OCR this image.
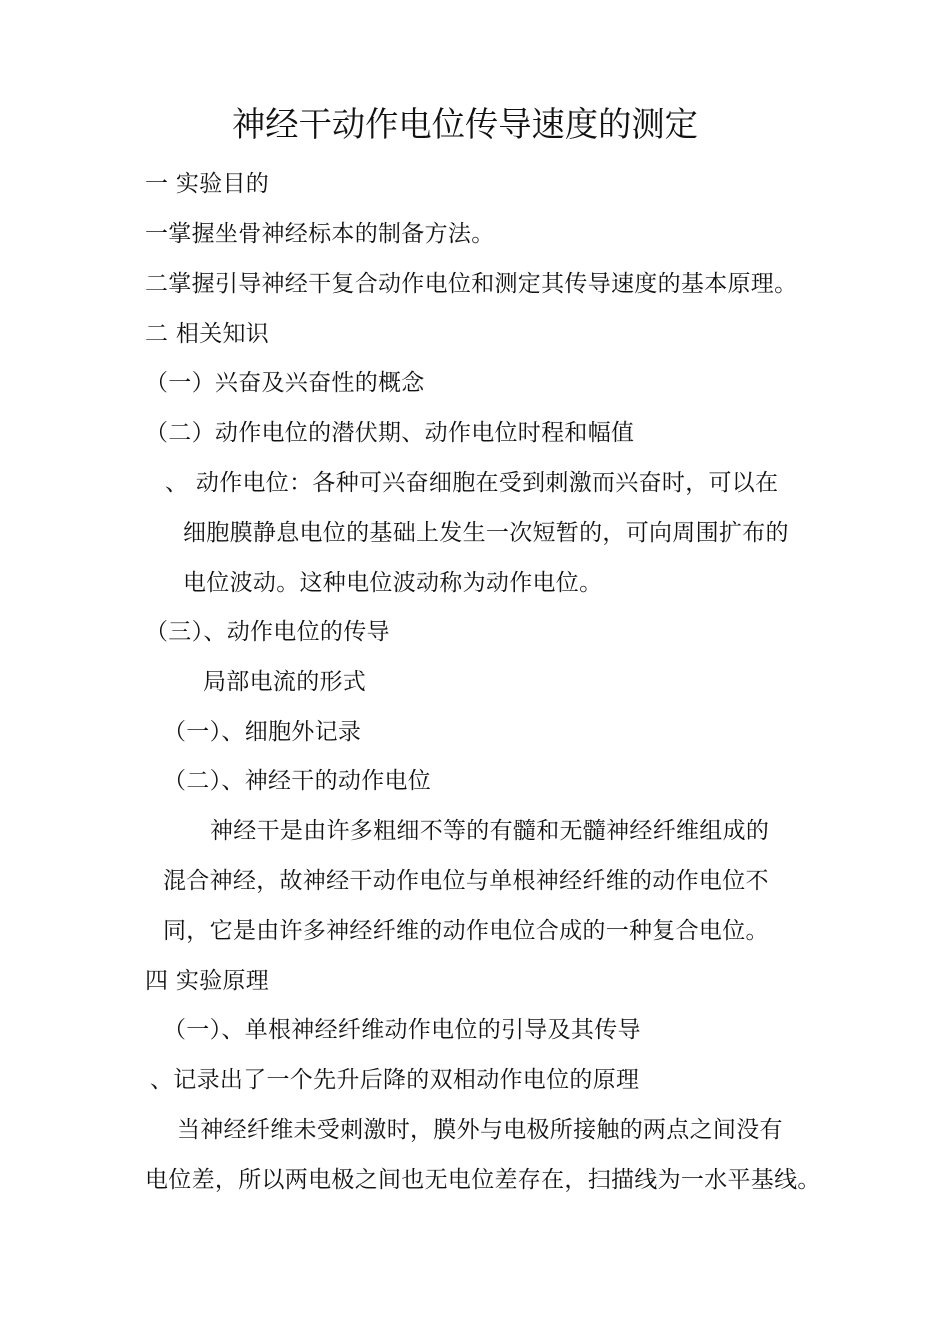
神经干动作电位传导速度的测定
一 实验目的
一掌握坐骨神经标本的制备方法。
二掌握引导神经干复合动作电位和测定其传导速度的基本原理。
二 相关知识
（一）兴奋及兴奋性的概念
（二）动作电位的潜伏期、动作电位时程和幅值
、 动作电位：各种可兴奋细胞在受到刺激而兴奋时，可以在
细胞膜静息电位的基础上发生一次短暂的，可向周围扩布的
电位波动。这种电位波动称为动作电位。
（三）、动作电位的传导
局部电流的形式
（一）、细胞外记录
（二）、神经干的动作电位
神经干是由许多粗细不等的有髓和无髓神经纤维组成的
混合神经，故神经干动作电位与单根神经纤维的动作电位不
同，它是由许多神经纤维的动作电位合成的一种复合电位。
四 实验原理
（一）、单根神经纤维动作电位的引导及其传导
、记录出了一个先升后降的双相动作电位的原理
当神经纤维未受刺激时，膜外与电极所接触的两点之间没有
电位差，所以两电极之间也无电位差存在，扫描线为一水平基线。
